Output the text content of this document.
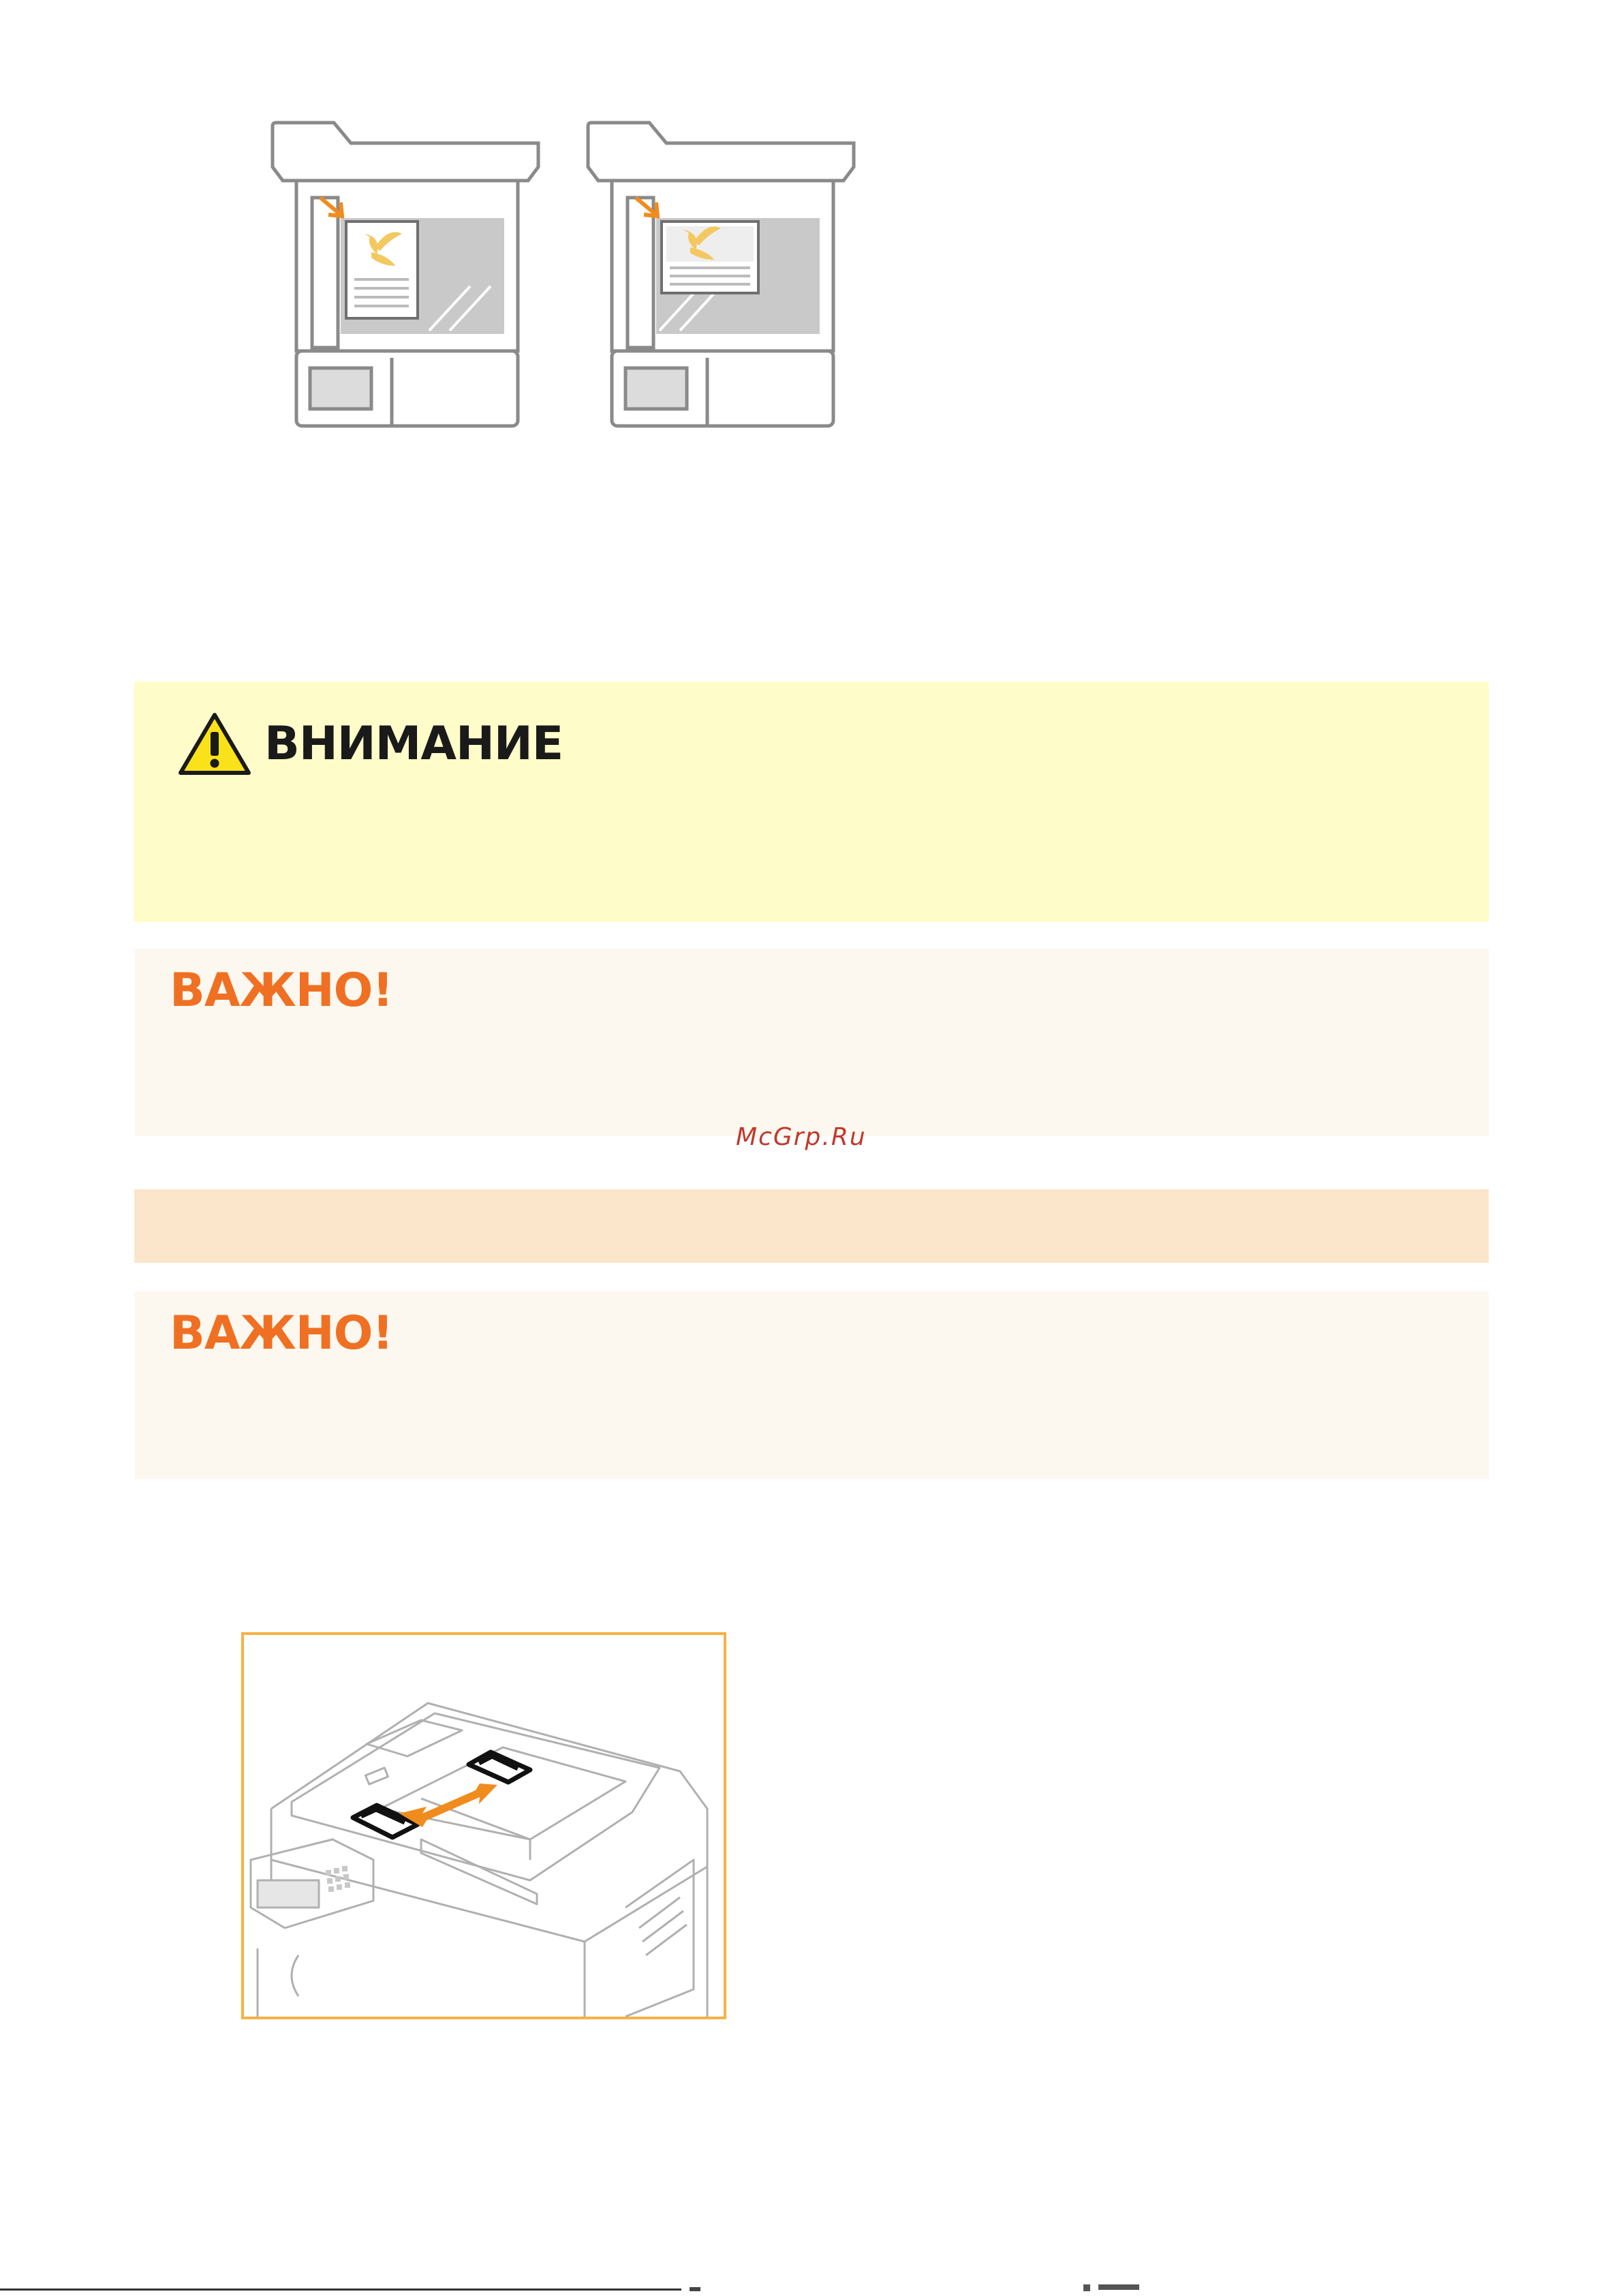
ВНИМАНИЕ
ВАЖНО!
McGrp.Ru
ВАЖНО!
